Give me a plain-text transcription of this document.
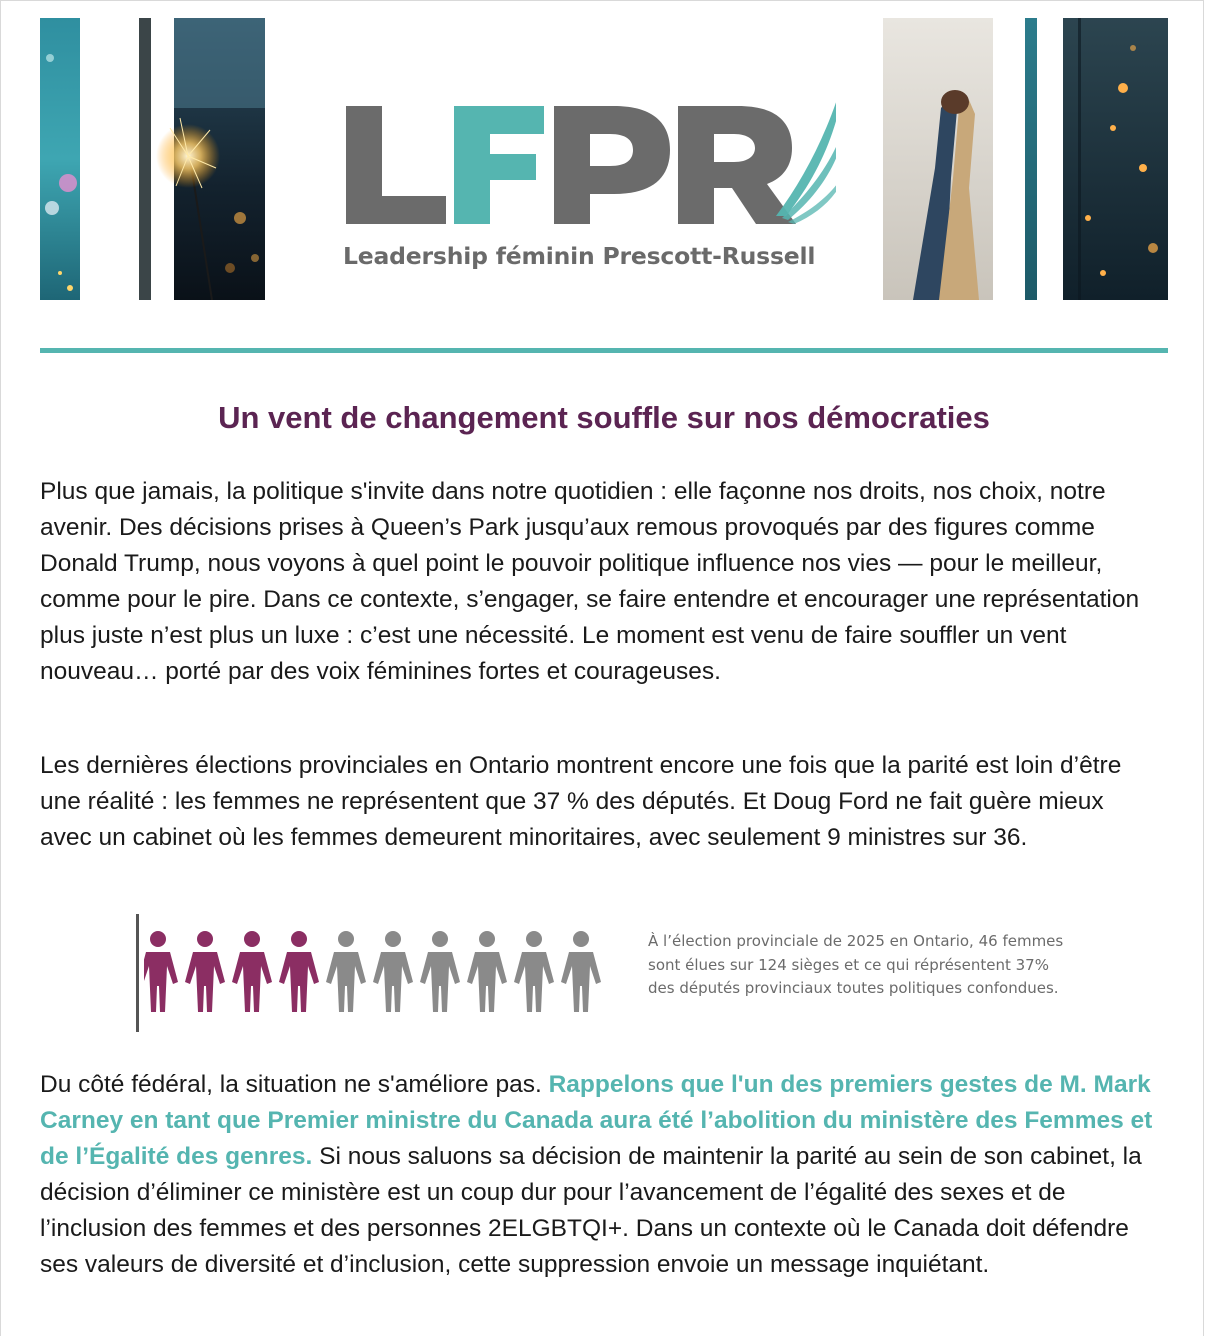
Leadership féminin Prescott-Russell
Un vent de changement souffle sur nos démocraties

Plus que jamais, la politique s'invite dans notre quotidien : elle façonne nos droits, nos choix, notre avenir. Des décisions prises à Queen’s Park jusqu’aux remous provoqués par des figures comme Donald Trump, nous voyons à quel point le pouvoir politique influence nos vies — pour le meilleur, comme pour le pire. Dans ce contexte, s’engager, se faire entendre et encourager une représentation plus juste n’est plus un luxe : c’est une nécessité. Le moment est venu de faire souffler un vent nouveau… porté par des voix féminines fortes et courageuses.

Les dernières élections provinciales en Ontario montrent encore une fois que la parité est loin d’être une réalité : les femmes ne représentent que 37 % des députés. Et Doug Ford ne fait guère mieux avec un cabinet où les femmes demeurent minoritaires, avec seulement 9 ministres sur 36.

À l’élection provinciale de 2025 en Ontario, 46 femmes sont élues sur 124 sièges et ce qui réprésentent 37% des députés provinciaux toutes politiques confondues.

Du côté fédéral, la situation ne s'améliore pas. Rappelons que l'un des premiers gestes de M. Mark Carney en tant que Premier ministre du Canada aura été l’abolition du ministère des Femmes et de l’Égalité des genres. Si nous saluons sa décision de maintenir la parité au sein de son cabinet, la décision d’éliminer ce ministère est un coup dur pour l’avancement de l’égalité des sexes et de l’inclusion des femmes et des personnes 2ELGBTQI+. Dans un contexte où le Canada doit défendre ses valeurs de diversité et d’inclusion, cette suppression envoie un message inquiétant.
